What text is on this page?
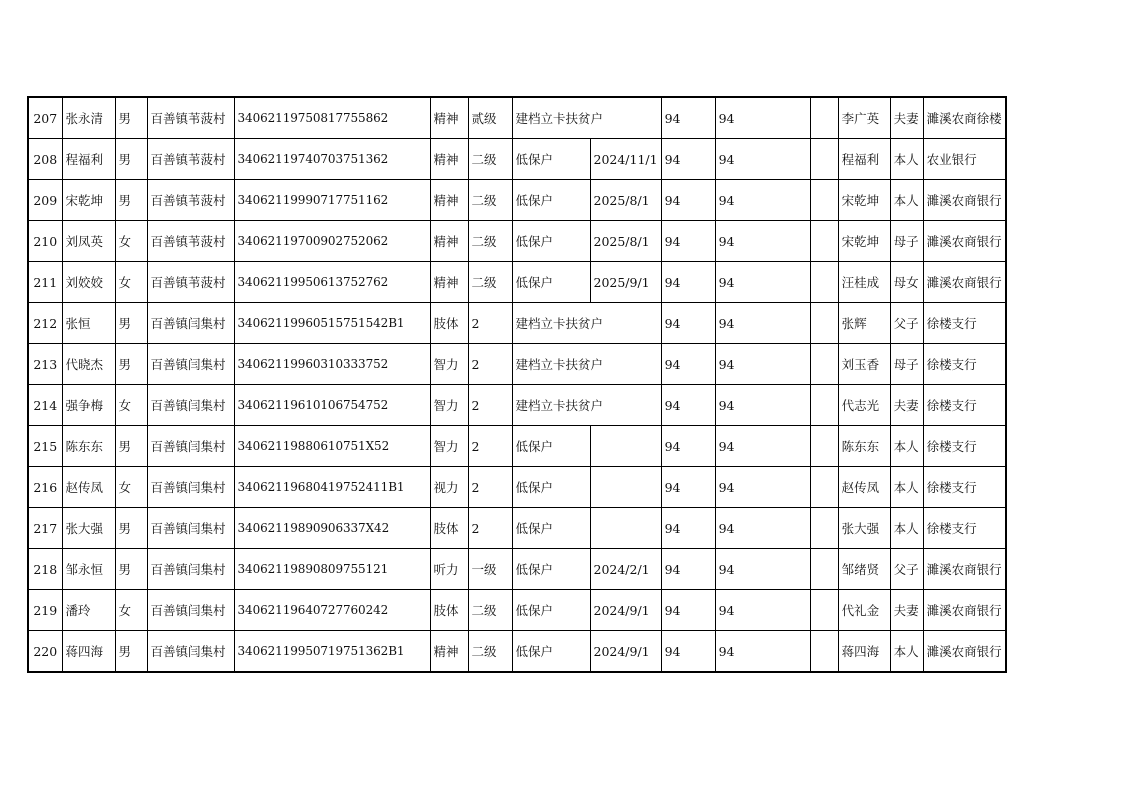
207	张永清	男	百善镇苇菠村	34062119750817755862	精神	贰级	建档立卡扶贫户		94	94		李广英	夫妻	濉溪农商徐楼
208	程福利	男	百善镇苇菠村	34062119740703751362	精神	二级	低保户	2024/11/1	94	94		程福利	本人	农业银行
209	宋乾坤	男	百善镇苇菠村	34062119990717751162	精神	二级	低保户	2025/8/1	94	94		宋乾坤	本人	濉溪农商银行
210	刘凤英	女	百善镇苇菠村	34062119700902752062	精神	二级	低保户	2025/8/1	94	94		宋乾坤	母子	濉溪农商银行
211	刘姣姣	女	百善镇苇菠村	34062119950613752762	精神	二级	低保户	2025/9/1	94	94		汪桂成	母女	濉溪农商银行
212	张恒	男	百善镇闫集村	34062119960515751542B1	肢体	2	建档立卡扶贫户		94	94		张辉	父子	徐楼支行
213	代晓杰	男	百善镇闫集村	34062119960310333752	智力	2	建档立卡扶贫户		94	94		刘玉香	母子	徐楼支行
214	强争梅	女	百善镇闫集村	34062119610106754752	智力	2	建档立卡扶贫户		94	94		代志光	夫妻	徐楼支行
215	陈东东	男	百善镇闫集村	34062119880610751X52	智力	2	低保户		94	94		陈东东	本人	徐楼支行
216	赵传凤	女	百善镇闫集村	34062119680419752411B1	视力	2	低保户		94	94		赵传凤	本人	徐楼支行
217	张大强	男	百善镇闫集村	34062119890906337X42	肢体	2	低保户		94	94		张大强	本人	徐楼支行
218	邹永恒	男	百善镇闫集村	34062119890809755121	听力	一级	低保户	2024/2/1	94	94		邹绪贤	父子	濉溪农商银行
219	潘玲	女	百善镇闫集村	34062119640727760242	肢体	二级	低保户	2024/9/1	94	94		代礼金	夫妻	濉溪农商银行
220	蒋四海	男	百善镇闫集村	34062119950719751362B1	精神	二级	低保户	2024/9/1	94	94		蒋四海	本人	濉溪农商银行
